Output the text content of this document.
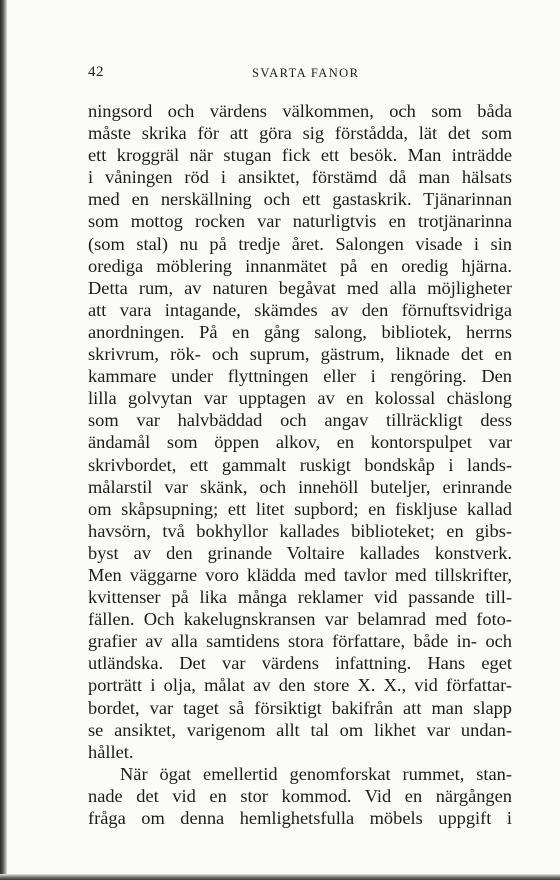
42	SVARTA FANOR
ningsord och värdens välkommen, och som båda
måste skrika för att göra sig förstådda, lät det som
ett kroggräl när stugan fick ett besök. Man inträdde
i våningen röd i ansiktet, förstämd då man hälsats
med en nerskällning och ett gastaskrik. Tjänarinnan
som mottog rocken var naturligtvis en trotjänarinna
(som stal) nu på tredje året. Salongen visade i sin
orediga möblering innanmätet på en oredig hjärna.
Detta rum, av naturen begåvat med alla möjligheter
att vara intagande, skämdes av den förnuftsvidriga
anordningen. På en gång salong, bibliotek, herrns
skrivrum, rök- och suprum, gästrum, liknade det en
kammare under flyttningen eller i rengöring. Den
lilla golvytan var upptagen av en kolossal chäslong
som var halvbäddad och angav tillräckligt dess
ändamål som öppen alkov, en kontorspulpet var
skrivbordet, ett gammalt ruskigt bondskåp i lands-
målarstil var skänk, och innehöll buteljer, erinrande
om skåpsupning; ett litet supbord; en fiskljuse kallad
havsörn, två bokhyllor kallades biblioteket; en gibs-
byst av den grinande Voltaire kallades konstverk.
Men väggarne voro klädda med tavlor med tillskrifter,
kvittenser på lika många reklamer vid passande till-
fällen. Och kakelugnskransen var belamrad med foto-
grafier av alla samtidens stora författare, både in- och
utländska. Det var värdens infattning. Hans eget
porträtt i olja, målat av den store X. X., vid författar-
bordet, var taget så försiktigt bakifrån att man slapp
se ansiktet, varigenom allt tal om likhet var undan-
hållet.
När ögat emellertid genomforskat rummet, stan-
nade det vid en stor kommod. Vid en närgången
fråga om denna hemlighetsfulla möbels uppgift i
